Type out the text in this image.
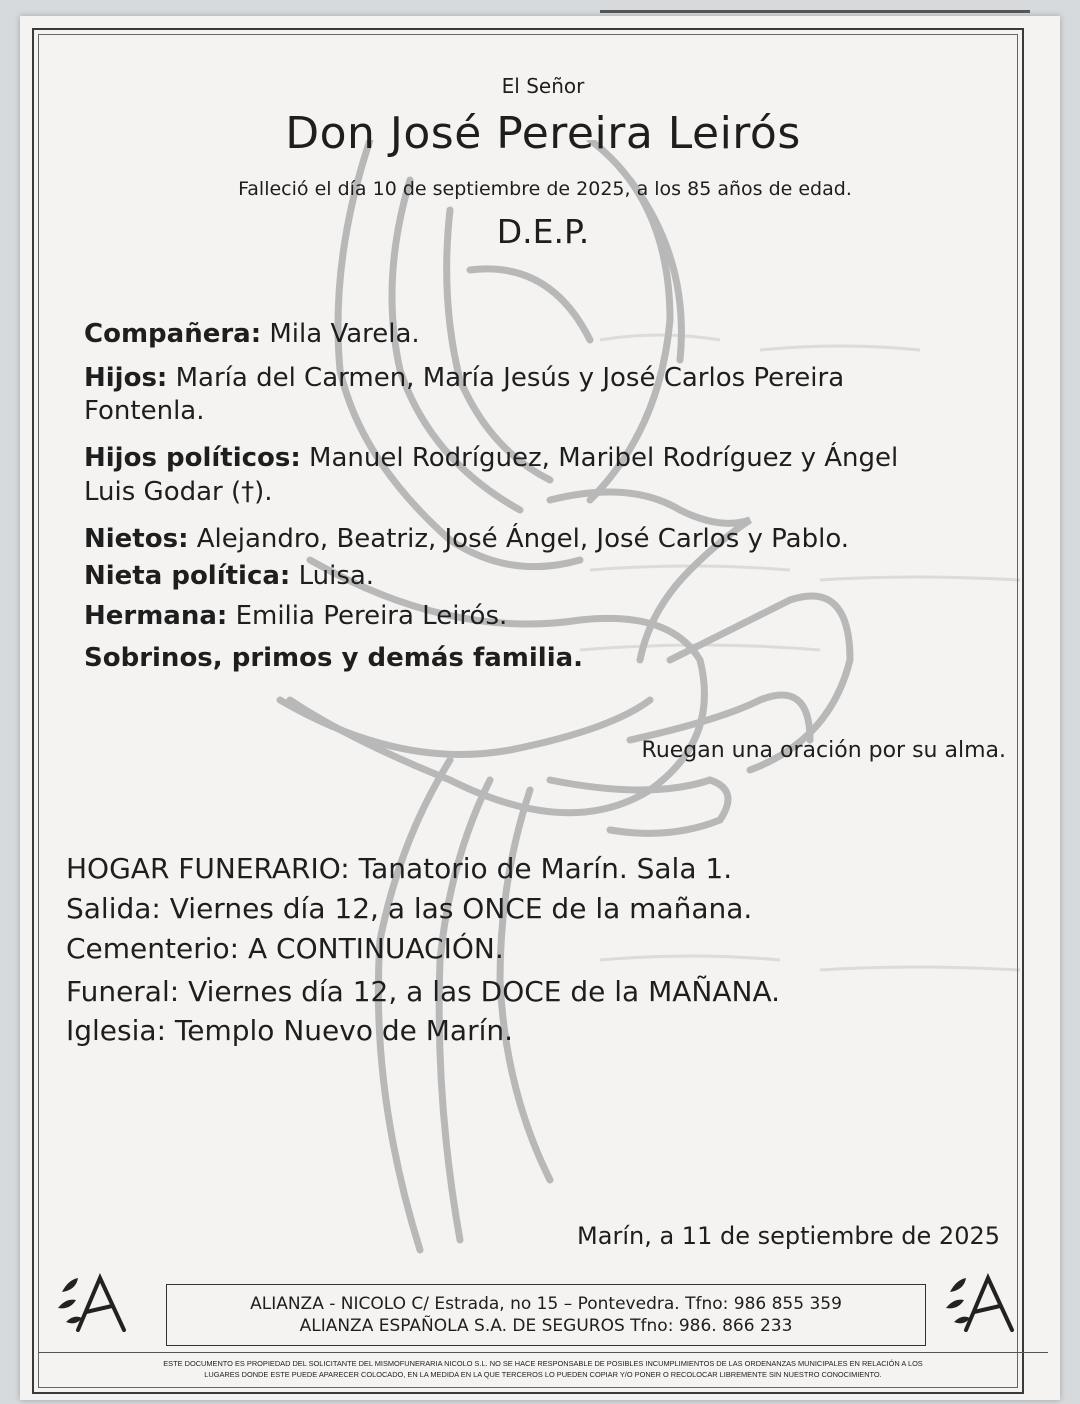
El Señor
Don José Pereira Leirós
Falleció el día 10 de septiembre de 2025, a los 85 años de edad.
D.E.P.
Compañera: Mila Varela.
Hijos: María del Carmen, María Jesús y José Carlos Pereira
Fontenla.
Hijos políticos: Manuel Rodríguez, Maribel Rodríguez y Ángel
Luis Godar (†).
Nietos: Alejandro, Beatriz, José Ángel, José Carlos y Pablo.
Nieta política: Luisa.
Hermana: Emilia Pereira Leirós.
Sobrinos, primos y demás familia.
Ruegan una oración por su alma.
HOGAR FUNERARIO: Tanatorio de Marín. Sala 1.
Salida: Viernes día 12, a las ONCE de la mañana.
Cementerio: A CONTINUACIÓN.
Funeral: Viernes día 12, a las DOCE de la MAÑANA.
Iglesia: Templo Nuevo de Marín.
Marín, a 11 de septiembre de 2025
ALIANZA - NICOLO C/ Estrada, no 15 – Pontevedra. Tfno: 986 855 359
ALIANZA ESPAÑOLA S.A. DE SEGUROS Tfno: 986. 866 233
ESTE DOCUMENTO ES PROPIEDAD DEL SOLICITANTE DEL MISMOFUNERARIA NICOLO S.L. NO SE HACE RESPONSABLE DE POSIBLES INCUMPLIMIENTOS DE LAS ORDENANZAS MUNICIPALES EN RELACIÓN A LOS
LUGARES DONDE ESTE PUEDE APARECER COLOCADO, EN LA MEDIDA EN LA QUE TERCEROS LO PUEDEN COPIAR Y/O PONER O RECOLOCAR LIBREMENTE SIN NUESTRO CONOCIMIENTO.
